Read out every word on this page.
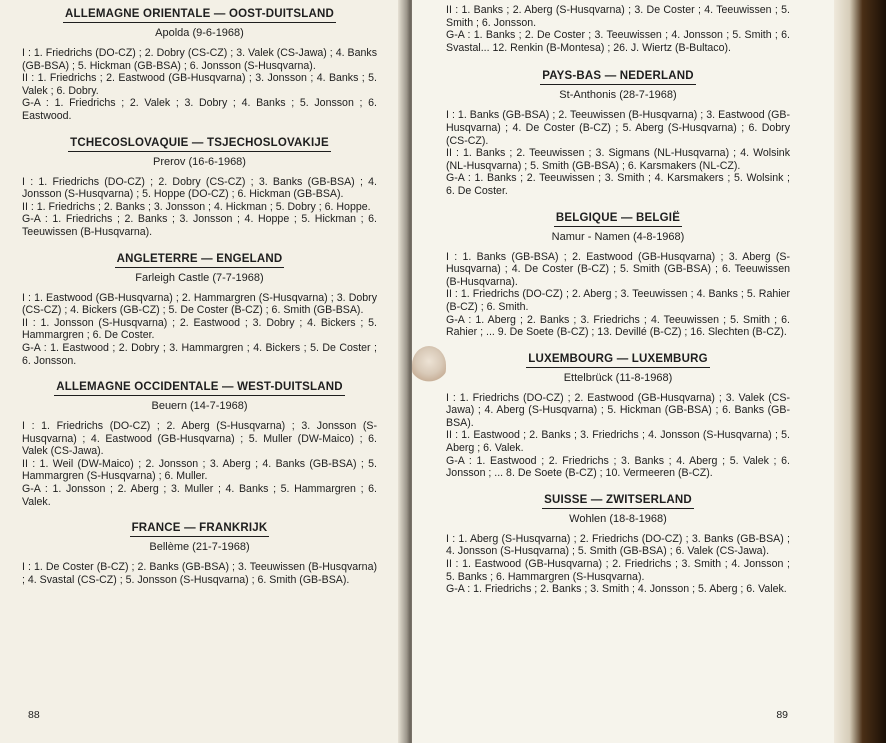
ALLEMAGNE ORIENTALE — OOST-DUITSLAND
Apolda (9-6-1968)

I : 1. Friedrichs (DO-CZ) ; 2. Dobry (CS-CZ) ; 3. Valek (CS-Jawa) ; 4. Banks (GB-BSA) ; 5. Hickman (GB-BSA) ; 6. Jonsson (S-Husqvarna).

II : 1. Friedrichs ; 2. Eastwood (GB-Husqvarna) ; 3. Jonsson ; 4. Banks ; 5. Valek ; 6. Dobry.

G-A : 1. Friedrichs ; 2. Valek ; 3. Dobry ; 4. Banks ; 5. Jonsson ; 6. Eastwood.

TCHECOSLOVAQUIE — TSJECHOSLOVAKIJE
Prerov (16-6-1968)

I : 1. Friedrichs (DO-CZ) ; 2. Dobry (CS-CZ) ; 3. Banks (GB-BSA) ; 4. Jonsson (S-Husqvarna) ; 5. Hoppe (DO-CZ) ; 6. Hickman (GB-BSA).

II : 1. Friedrichs ; 2. Banks ; 3. Jonsson ; 4. Hickman ; 5. Dobry ; 6. Hoppe.

G-A : 1. Friedrichs ; 2. Banks ; 3. Jonsson ; 4. Hoppe ; 5. Hickman ; 6. Teeuwissen (B-Husqvarna).

ANGLETERRE — ENGELAND
Farleigh Castle (7-7-1968)

I : 1. Eastwood (GB-Husqvarna) ; 2. Hammargren (S-Husqvarna) ; 3. Dobry (CS-CZ) ; 4. Bickers (GB-CZ) ; 5. De Coster (B-CZ) ; 6. Smith (GB-BSA).

II : 1. Jonsson (S-Husqvarna) ; 2. Eastwood ; 3. Dobry ; 4. Bickers ; 5. Hammargren ; 6. De Coster.

G-A : 1. Eastwood ; 2. Dobry ; 3. Hammargren ; 4. Bickers ; 5. De Coster ; 6. Jonsson.

ALLEMAGNE OCCIDENTALE — WEST-DUITSLAND
Beuern (14-7-1968)

I : 1. Friedrichs (DO-CZ) ; 2. Aberg (S-Husqvarna) ; 3. Jonsson (S-Husqvarna) ; 4. Eastwood (GB-Husqvarna) ; 5. Muller (DW-Maico) ; 6. Valek (CS-Jawa).

II : 1. Weil (DW-Maico) ; 2. Jonsson ; 3. Aberg ; 4. Banks (GB-BSA) ; 5. Hammargren (S-Husqvarna) ; 6. Muller.

G-A : 1. Jonsson ; 2. Aberg ; 3. Muller ; 4. Banks ; 5. Hammargren ; 6. Valek.

FRANCE — FRANKRIJK
Bellème (21-7-1968)

I : 1. De Coster (B-CZ) ; 2. Banks (GB-BSA) ; 3. Teeuwissen (B-Husqvarna) ; 4. Svastal (CS-CZ) ; 5. Jonsson (S-Husqvarna) ; 6. Smith (GB-BSA).

88

II : 1. Banks ; 2. Aberg (S-Husqvarna) ; 3. De Coster ; 4. Teeuwissen ; 5. Smith ; 6. Jonsson.

G-A : 1. Banks ; 2. De Coster ; 3. Teeuwissen ; 4. Jonsson ; 5. Smith ; 6. Svastal... 12. Renkin (B-Montesa) ; 26. J. Wiertz (B-Bultaco).

PAYS-BAS — NEDERLAND
St-Anthonis (28-7-1968)

I : 1. Banks (GB-BSA) ; 2. Teeuwissen (B-Husqvarna) ; 3. Eastwood (GB-Husqvarna) ; 4. De Coster (B-CZ) ; 5. Aberg (S-Husqvarna) ; 6. Dobry (CS-CZ).

II : 1. Banks ; 2. Teeuwissen ; 3. Sigmans (NL-Husqvarna) ; 4. Wolsink (NL-Husqvarna) ; 5. Smith (GB-BSA) ; 6. Karsmakers (NL-CZ).

G-A : 1. Banks ; 2. Teeuwissen ; 3. Smith ; 4. Karsmakers ; 5. Wolsink ; 6. De Coster.

BELGIQUE — BELGIË
Namur - Namen (4-8-1968)

I : 1. Banks (GB-BSA) ; 2. Eastwood (GB-Husqvarna) ; 3. Aberg (S-Husqvarna) ; 4. De Coster (B-CZ) ; 5. Smith (GB-BSA) ; 6. Teeuwissen (B-Husqvarna).

II : 1. Friedrichs (DO-CZ) ; 2. Aberg ; 3. Teeuwissen ; 4. Banks ; 5. Rahier (B-CZ) ; 6. Smith.

G-A : 1. Aberg ; 2. Banks ; 3. Friedrichs ; 4. Teeuwissen ; 5. Smith ; 6. Rahier ; ... 9. De Soete (B-CZ) ; 13. Devillé (B-CZ) ; 16. Slechten (B-CZ).

LUXEMBOURG — LUXEMBURG
Ettelbrück (11-8-1968)

I : 1. Friedrichs (DO-CZ) ; 2. Eastwood (GB-Husqvarna) ; 3. Valek (CS-Jawa) ; 4. Aberg (S-Husqvarna) ; 5. Hickman (GB-BSA) ; 6. Banks (GB-BSA).

II : 1. Eastwood ; 2. Banks ; 3. Friedrichs ; 4. Jonsson (S-Husqvarna) ; 5. Aberg ; 6. Valek.

G-A : 1. Eastwood ; 2. Friedrichs ; 3. Banks ; 4. Aberg ; 5. Valek ; 6. Jonsson ; ... 8. De Soete (B-CZ) ; 10. Vermeeren (B-CZ).

SUISSE — ZWITSERLAND
Wohlen (18-8-1968)

I : 1. Aberg (S-Husqvarna) ; 2. Friedrichs (DO-CZ) ; 3. Banks (GB-BSA) ; 4. Jonsson (S-Husqvarna) ; 5. Smith (GB-BSA) ; 6. Valek (CS-Jawa).

II : 1. Eastwood (GB-Husqvarna) ; 2. Friedrichs ; 3. Smith ; 4. Jonsson ; 5. Banks ; 6. Hammargren (S-Husqvarna).

G-A : 1. Friedrichs ; 2. Banks ; 3. Smith ; 4. Jonsson ; 5. Aberg ; 6. Valek.

89
